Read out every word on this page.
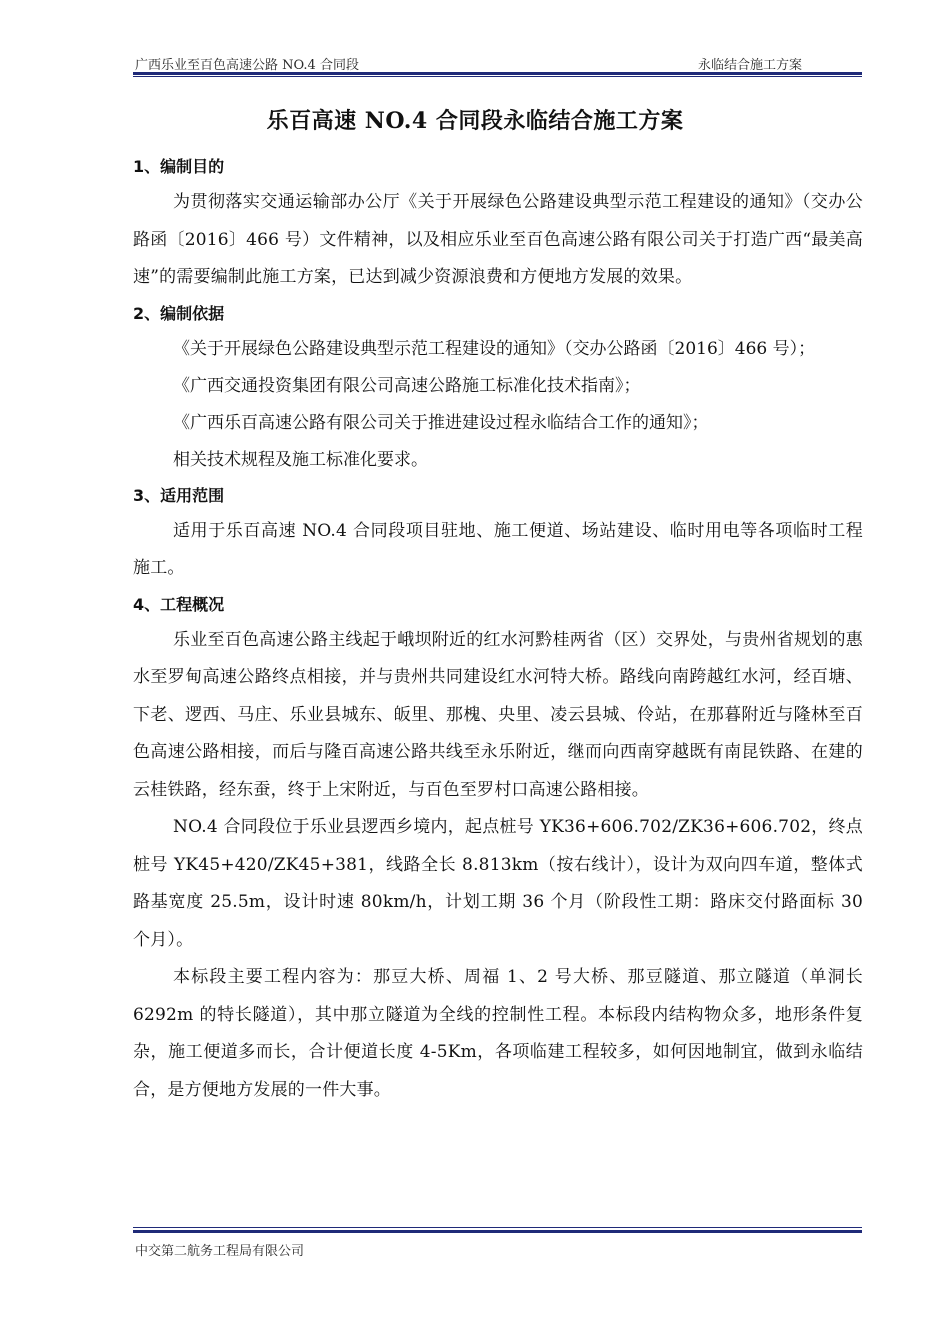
广西乐业至百色高速公路 NO.4 合同段	永临结合施工方案
乐百高速 NO.4 合同段永临结合施工方案

1、编制目的

为贯彻落实交通运输部办公厅《关于开展绿色公路建设典型示范工程建设的通知》（交办公路函〔2016〕466 号）文件精神，以及相应乐业至百色高速公路有限公司关于打造广西“最美高速”的需要编制此施工方案，已达到减少资源浪费和方便地方发展的效果。

2、编制依据

《关于开展绿色公路建设典型示范工程建设的通知》（交办公路函〔2016〕466 号）；

《广西交通投资集团有限公司高速公路施工标准化技术指南》；

《广西乐百高速公路有限公司关于推进建设过程永临结合工作的通知》；

相关技术规程及施工标准化要求。

3、适用范围

适用于乐百高速 NO.4 合同段项目驻地、施工便道、场站建设、临时用电等各项临时工程施工。

4、工程概况

乐业至百色高速公路主线起于峨坝附近的红水河黔桂两省（区）交界处，与贵州省规划的惠水至罗甸高速公路终点相接，并与贵州共同建设红水河特大桥。路线向南跨越红水河，经百塘、下老、逻西、马庄、乐业县城东、皈里、那槐、央里、凌云县城、伶站，在那暮附近与隆林至百色高速公路相接，而后与隆百高速公路共线至永乐附近，继而向西南穿越既有南昆铁路、在建的云桂铁路，经东蚕，终于上宋附近，与百色至罗村口高速公路相接。

NO.4 合同段位于乐业县逻西乡境内，起点桩号 YK36+606.702/ZK36+606.702，终点桩号 YK45+420/ZK45+381，线路全长 8.813km（按右线计），设计为双向四车道，整体式路基宽度 25.5m，设计时速 80km/h，计划工期 36 个月（阶段性工期：路床交付路面标 30 个月）。

本标段主要工程内容为：那豆大桥、周福 1、2 号大桥、那豆隧道、那立隧道（单洞长 6292m 的特长隧道），其中那立隧道为全线的控制性工程。本标段内结构物众多，地形条件复杂，施工便道多而长，合计便道长度 4-5Km，各项临建工程较多，如何因地制宜，做到永临结合，是方便地方发展的一件大事。

中交第二航务工程局有限公司
